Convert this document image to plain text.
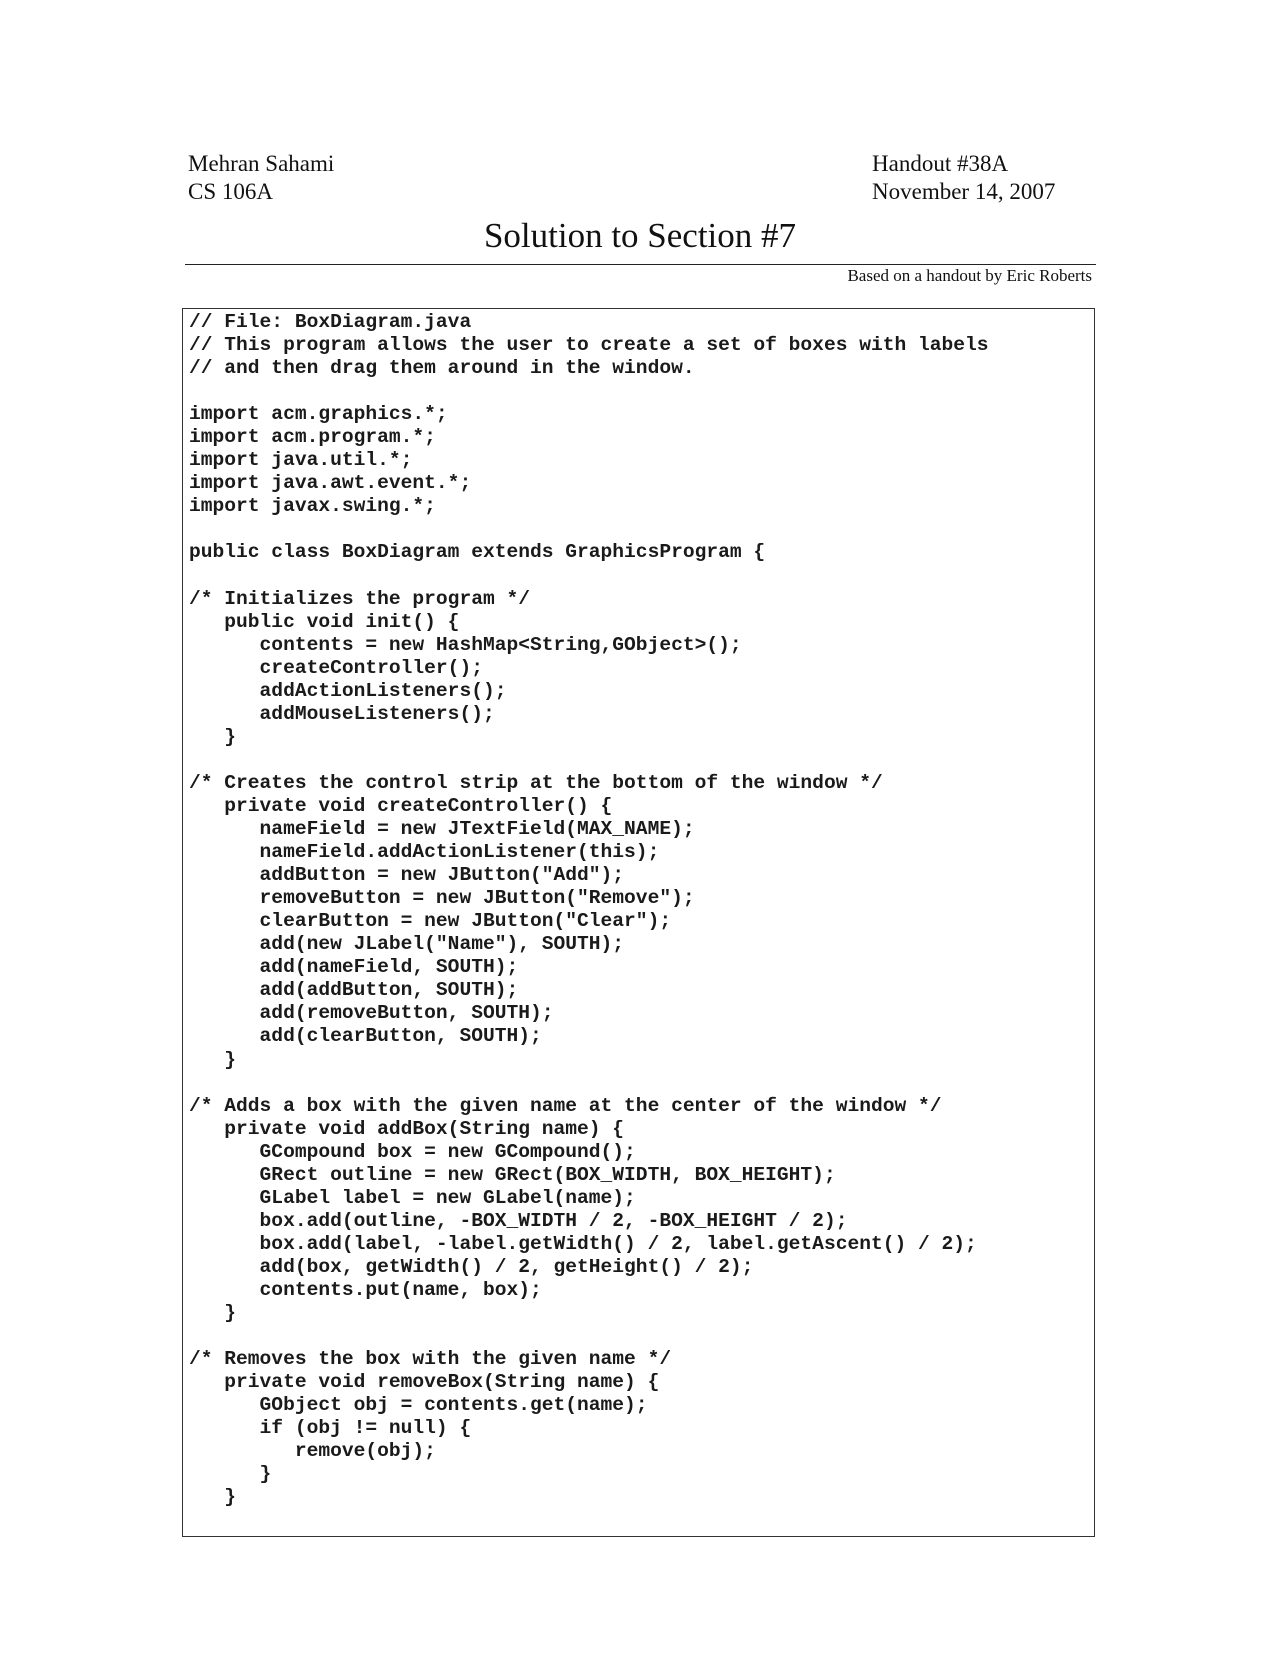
Mehran Sahami
CS 106A
Handout #38A
November 14, 2007
Solution to Section #7
Based on a handout by Eric Roberts
// File: BoxDiagram.java
// This program allows the user to create a set of boxes with labels
// and then drag them around in the window.
import acm.graphics.*;
import acm.program.*;
import java.util.*;
import java.awt.event.*;
import javax.swing.*;
public class BoxDiagram extends GraphicsProgram {
/* Initializes the program */
public void init() {
contents = new HashMap<String,GObject>();
createController();
addActionListeners();
addMouseListeners();
}
/* Creates the control strip at the bottom of the window */
private void createController() {
nameField = new JTextField(MAX_NAME);
nameField.addActionListener(this);
addButton = new JButton("Add");
removeButton = new JButton("Remove");
clearButton = new JButton("Clear");
add(new JLabel("Name"), SOUTH);
add(nameField, SOUTH);
add(addButton, SOUTH);
add(removeButton, SOUTH);
add(clearButton, SOUTH);
}
/* Adds a box with the given name at the center of the window */
private void addBox(String name) {
GCompound box = new GCompound();
GRect outline = new GRect(BOX_WIDTH, BOX_HEIGHT);
GLabel label = new GLabel(name);
box.add(outline, -BOX_WIDTH / 2, -BOX_HEIGHT / 2);
box.add(label, -label.getWidth() / 2, label.getAscent() / 2);
add(box, getWidth() / 2, getHeight() / 2);
contents.put(name, box);
}
/* Removes the box with the given name */
private void removeBox(String name) {
GObject obj = contents.get(name);
if (obj != null) {
remove(obj);
}
}
